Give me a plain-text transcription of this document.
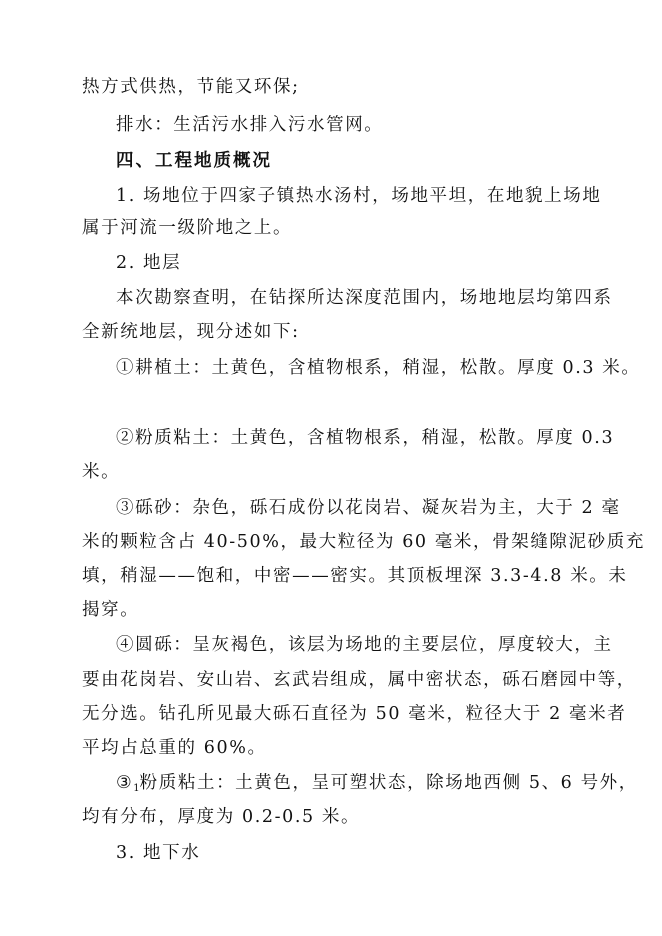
热方式供热，节能又环保;
排水：生活污水排入污水管网。
四、工程地质概况
1. 场地位于四家子镇热水汤村，场地平坦，在地貌上场地
属于河流一级阶地之上。
2. 地层
本次勘察查明，在钻探所达深度范围内，场地地层均第四系
全新统地层，现分述如下:
①耕植土：土黄色，含植物根系，稍湿，松散。厚度 0.3 米。
②粉质粘土：土黄色，含植物根系，稍湿，松散。厚度 0.3
米。
③砾砂：杂色，砾石成份以花岗岩、凝灰岩为主，大于 2 毫
米的颗粒含占 40-50%，最大粒径为 60 毫米，骨架缝隙泥砂质充
填，稍湿——饱和，中密——密实。其顶板埋深 3.3-4.8 米。未
揭穿。
④圆砾：呈灰褐色，该层为场地的主要层位，厚度较大，主
要由花岗岩、安山岩、玄武岩组成，属中密状态，砾石磨园中等，
无分选。钻孔所见最大砾石直径为 50 毫米，粒径大于 2 毫米者
平均占总重的 60%。
$③_1$粉质粘土：土黄色，呈可塑状态，除场地西侧 5、6 号外，
均有分布，厚度为 0.2-0.5 米。
3. 地下水
